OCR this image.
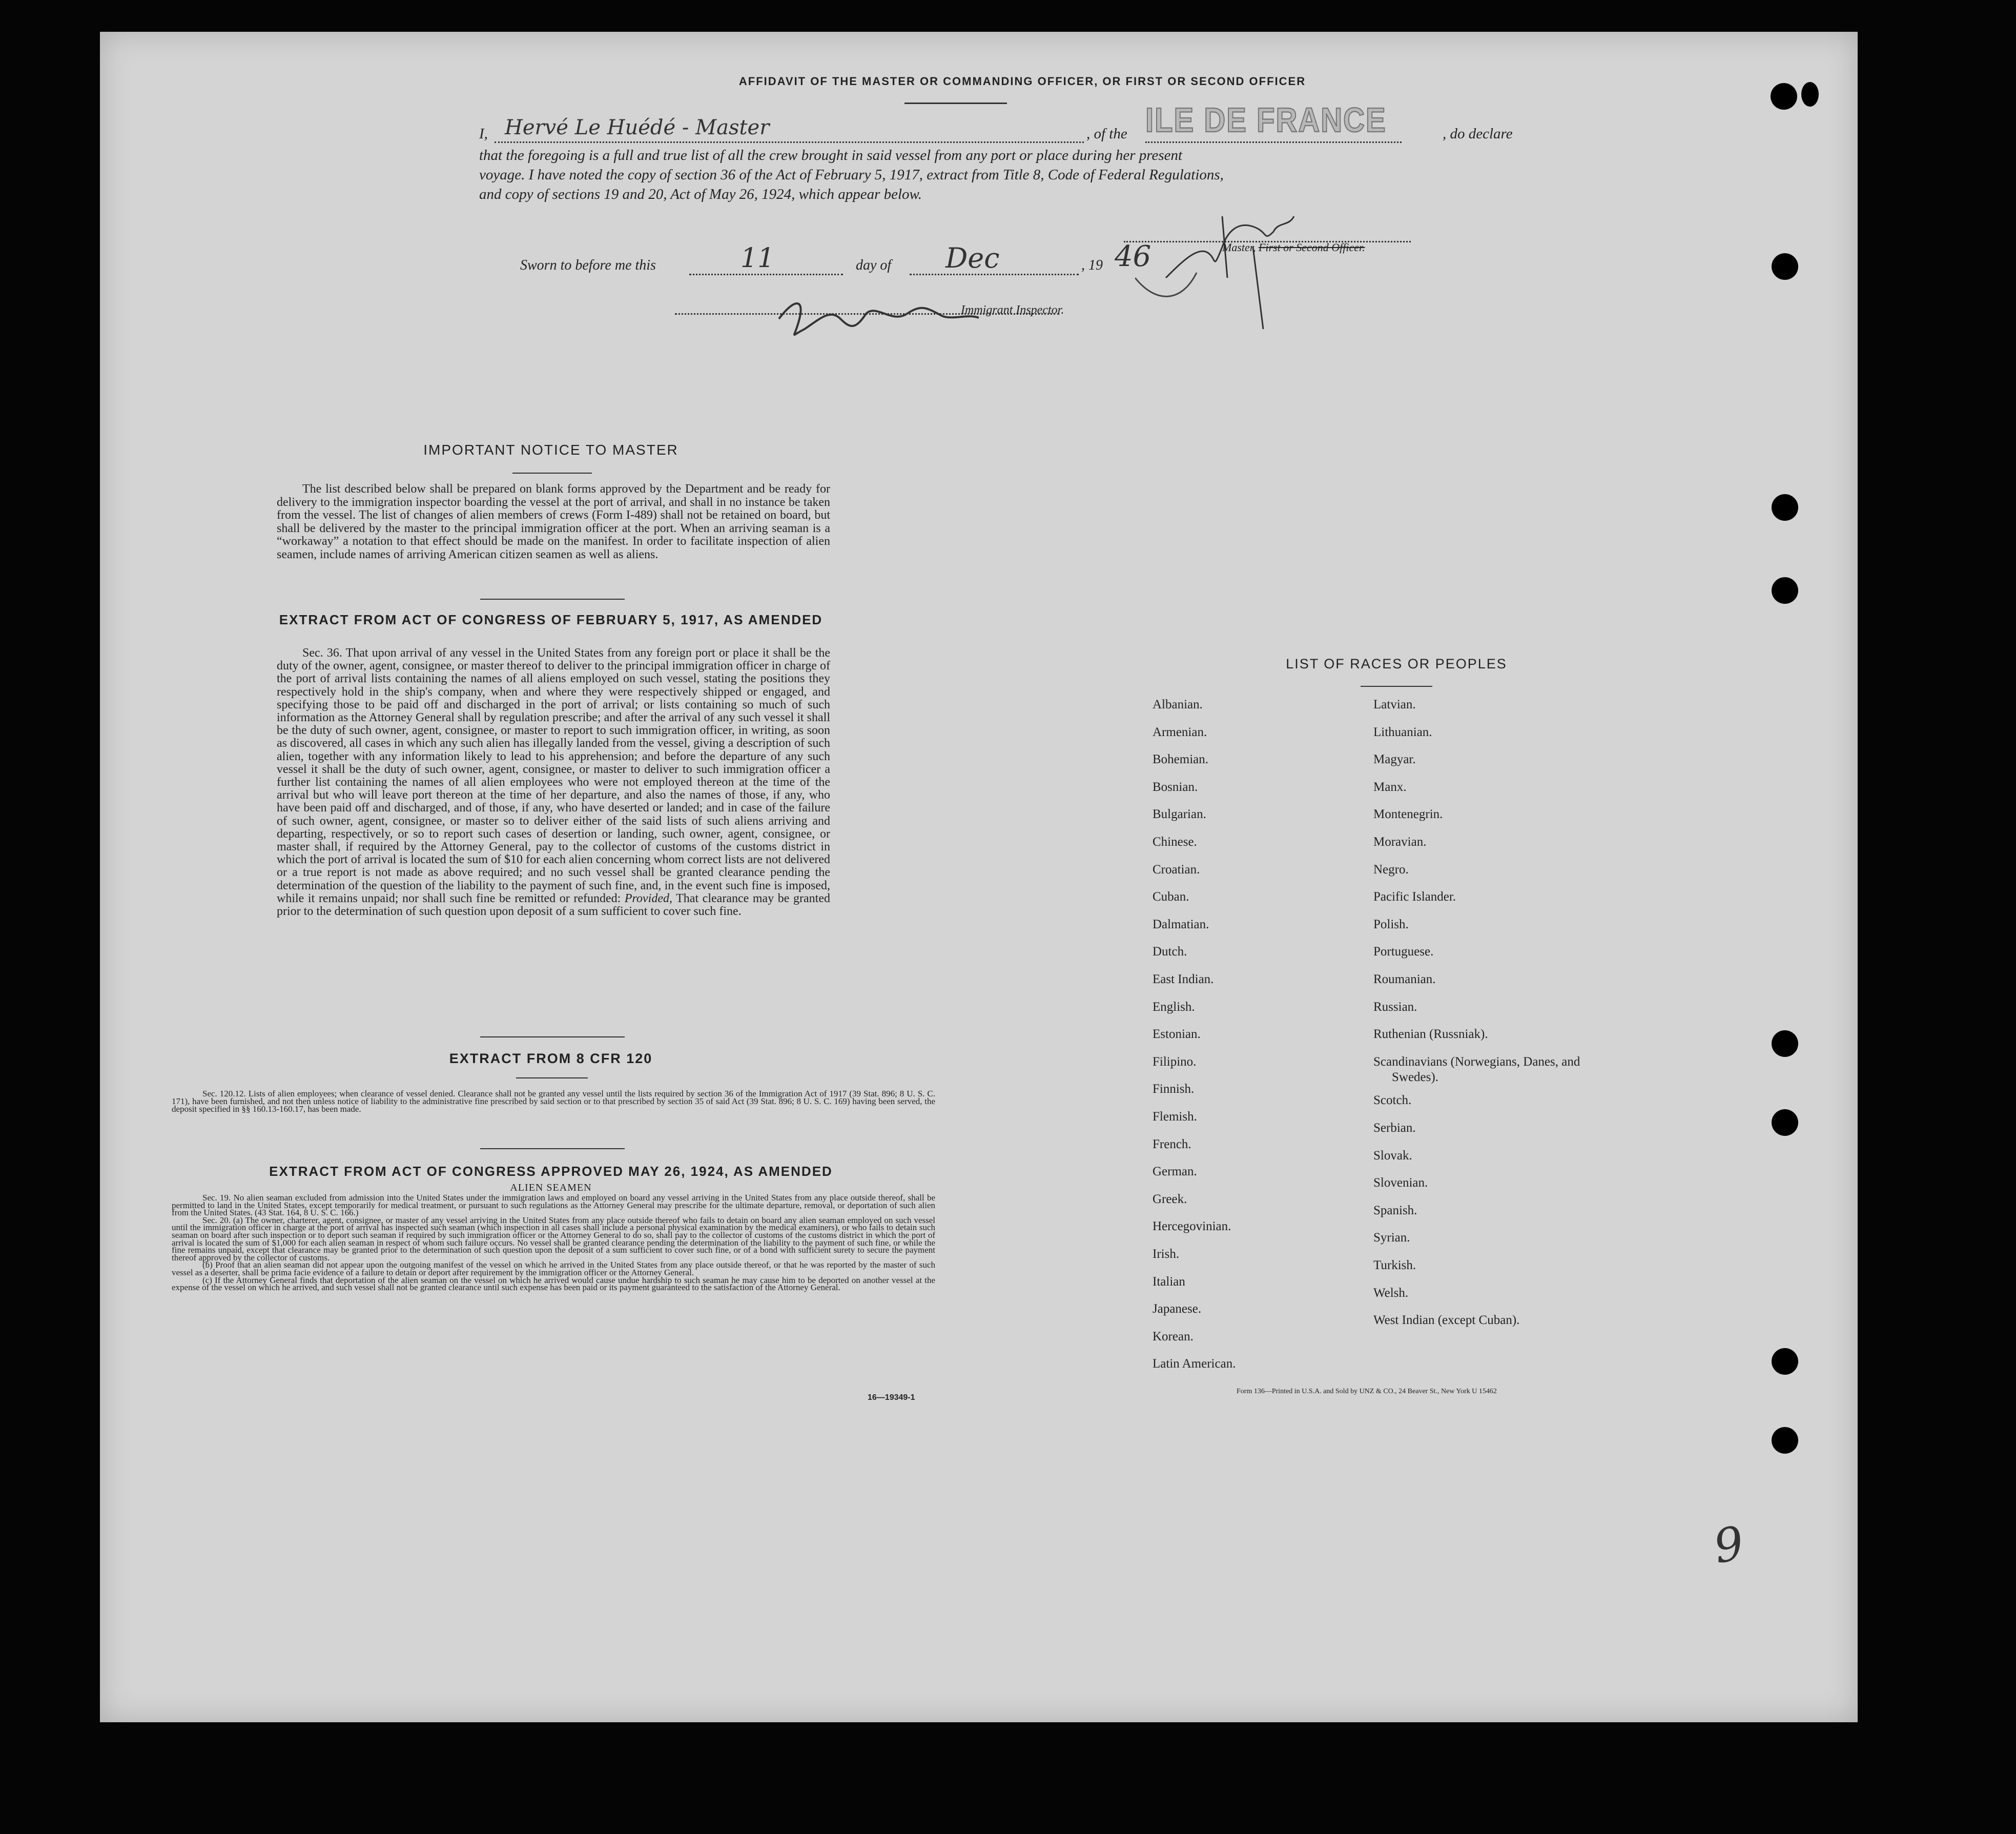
AFFIDAVIT OF THE MASTER OR COMMANDING OFFICER, OR FIRST OR SECOND OFFICER
I, Hervé Le Huédé - Master	, of the ILE DE FRANCE	, do declare
that the foregoing is a full and true list of all the crew brought in said vessel from any port or place during her present
voyage. I have noted the copy of section 36 of the Act of February 5, 1917, extract from Title 8, Code of Federal Regulations,
and copy of sections 19 and 20, Act of May 26, 1924, which appear below.
Sworn to before me this	11	day of Dec	, 19 46	Master, First or Second Officer.
Immigrant Inspector.
IMPORTANT NOTICE TO MASTER
The list described below shall be prepared on blank forms approved by the Department and be ready for delivery to the immigration inspector boarding the vessel at the port of arrival, and shall in no instance be taken from the vessel. The list of changes of alien members of crews (Form I-489) shall not be retained on board, but shall be delivered by the master to the principal immigration officer at the port. When an arriving seaman is a “workaway” a notation to that effect should be made on the manifest. In order to facilitate inspection of alien seamen, include names of arriving American citizen seamen as well as aliens.
EXTRACT FROM ACT OF CONGRESS OF FEBRUARY 5, 1917, AS AMENDED
Sec. 36. That upon arrival of any vessel in the United States from any foreign port or place it shall be the duty of the owner, agent, consignee, or master thereof to deliver to the principal immigration officer in charge of the port of arrival lists containing the names of all aliens employed on such vessel, stating the positions they respectively hold in the ship's company, when and where they were respectively shipped or engaged, and specifying those to be paid off and discharged in the port of arrival; or lists containing so much of such information as the Attorney General shall by regulation prescribe; and after the arrival of any such vessel it shall be the duty of such owner, agent, consignee, or master to report to such immigration officer, in writing, as soon as discovered, all cases in which any such alien has illegally landed from the vessel, giving a description of such alien, together with any information likely to lead to his apprehension; and before the departure of any such vessel it shall be the duty of such owner, agent, consignee, or master to deliver to such immigration officer a further list containing the names of all alien employees who were not employed thereon at the time of the arrival but who will leave port thereon at the time of her departure, and also the names of those, if any, who have been paid off and discharged, and of those, if any, who have deserted or landed; and in case of the failure of such owner, agent, consignee, or master so to deliver either of the said lists of such aliens arriving and departing, respectively, or so to report such cases of desertion or landing, such owner, agent, consignee, or master shall, if required by the Attorney General, pay to the collector of customs of the customs district in which the port of arrival is located the sum of $10 for each alien concerning whom correct lists are not delivered or a true report is not made as above required; and no such vessel shall be granted clearance pending the determination of the question of the liability to the payment of such fine, and, in the event such fine is imposed, while it remains unpaid; nor shall such fine be remitted or refunded: Provided, That clearance may be granted prior to the determination of such question upon deposit of a sum sufficient to cover such fine.
EXTRACT FROM 8 CFR 120
Sec. 120.12. Lists of alien employees; when clearance of vessel denied. Clearance shall not be granted any vessel until the lists required by section 36 of the Immigration Act of 1917 (39 Stat. 896; 8 U. S. C. 171), have been furnished, and not then unless notice of liability to the administrative fine prescribed by said section or to that prescribed by section 35 of said Act (39 Stat. 896; 8 U. S. C. 169) having been served, the deposit specified in §§ 160.13-160.17, has been made.
EXTRACT FROM ACT OF CONGRESS APPROVED MAY 26, 1924, AS AMENDED
ALIEN SEAMEN
Sec. 19. No alien seaman excluded from admission into the United States under the immigration laws and employed on board any vessel arriving in the United States from any place outside thereof, shall be permitted to land in the United States, except temporarily for medical treatment, or pursuant to such regulations as the Attorney General may prescribe for the ultimate departure, removal, or deportation of such alien from the United States. (43 Stat. 164, 8 U. S. C. 166.)
Sec. 20. (a) The owner, charterer, agent, consignee, or master of any vessel arriving in the United States from any place outside thereof who fails to detain on board any alien seaman employed on such vessel until the immigration officer in charge at the port of arrival has inspected such seaman (which inspection in all cases shall include a personal physical examination by the medical examiners), or who fails to detain such seaman on board after such inspection or to deport such seaman if required by such immigration officer or the Attorney General to do so, shall pay to the collector of customs of the customs district in which the port of arrival is located the sum of $1,000 for each alien seaman in respect of whom such failure occurs. No vessel shall be granted clearance pending the determination of the liability to the payment of such fine, or while the fine remains unpaid, except that clearance may be granted prior to the determination of such question upon the deposit of a sum sufficient to cover such fine, or of a bond with sufficient surety to secure the payment thereof approved by the collector of customs.
(b) Proof that an alien seaman did not appear upon the outgoing manifest of the vessel on which he arrived in the United States from any place outside thereof, or that he was reported by the master of such vessel as a deserter, shall be prima facie evidence of a failure to detain or deport after requirement by the immigration officer or the Attorney General.
(c) If the Attorney General finds that deportation of the alien seaman on the vessel on which he arrived would cause undue hardship to such seaman he may cause him to be deported on another vessel at the expense of the vessel on which he arrived, and such vessel shall not be granted clearance until such expense has been paid or its payment guaranteed to the satisfaction of the Attorney General.
16—19349-1
LIST OF RACES OR PEOPLES
Albanian.
Armenian.
Bohemian.
Bosnian.
Bulgarian.
Chinese.
Croatian.
Cuban.
Dalmatian.
Dutch.
East Indian.
English.
Estonian.
Filipino.
Finnish.
Flemish.
French.
German.
Greek.
Hercegovinian.
Irish.
Italian
Japanese.
Korean.
Latin American.
Latvian.
Lithuanian.
Magyar.
Manx.
Montenegrin.
Moravian.
Negro.
Pacific Islander.
Polish.
Portuguese.
Roumanian.
Russian.
Ruthenian (Russniak).
Scandinavians (Norwegians, Danes, and Swedes).
Scotch.
Serbian.
Slovak.
Slovenian.
Spanish.
Syrian.
Turkish.
Welsh.
West Indian (except Cuban).
Form 136—Printed in U.S.A. and Sold by UNZ & CO., 24 Beaver St., New York U 15462
9
